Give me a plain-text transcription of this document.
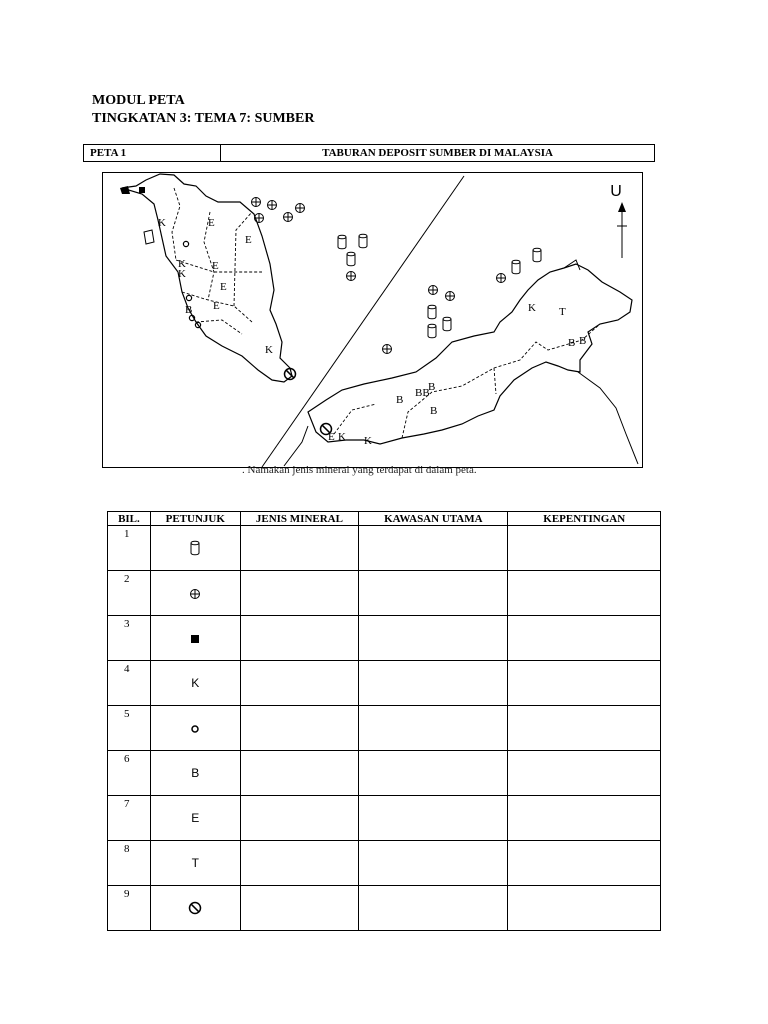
MODUL PETA
TINGKATAN 3: TEMA 7: SUMBER
PETA 1	TABURAN DEPOSIT SUMBER DI MALAYSIA
U
K	E
E
K
K
E
E
E
B
K
K T
B B
B
BB
B
B
E K K
. Namakan jenis mineral yang terdapat di dalam peta.
BIL.	PETUNJUK	JENIS MINERAL	KAWASAN UTAMA	KEPENTINGAN
1				
2				
3				
4	K			
5				
6	B			
7	E			
8	T			
9				
